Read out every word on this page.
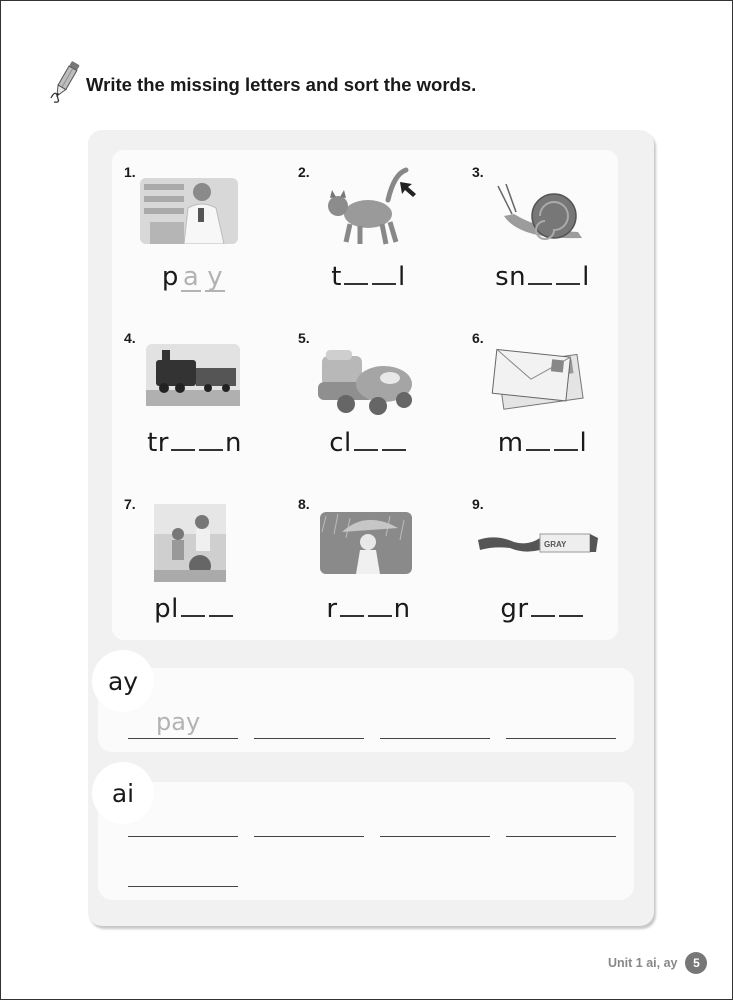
Write the missing letters and sort the words.
1.
p a y
2.
t l
3.
sn l
4.
tr n
5.
cl
6.
m l
7.
pl
8.
r n
9.
GRAY
gr
ay
pay
ai
Unit 1 ai, ay	5
